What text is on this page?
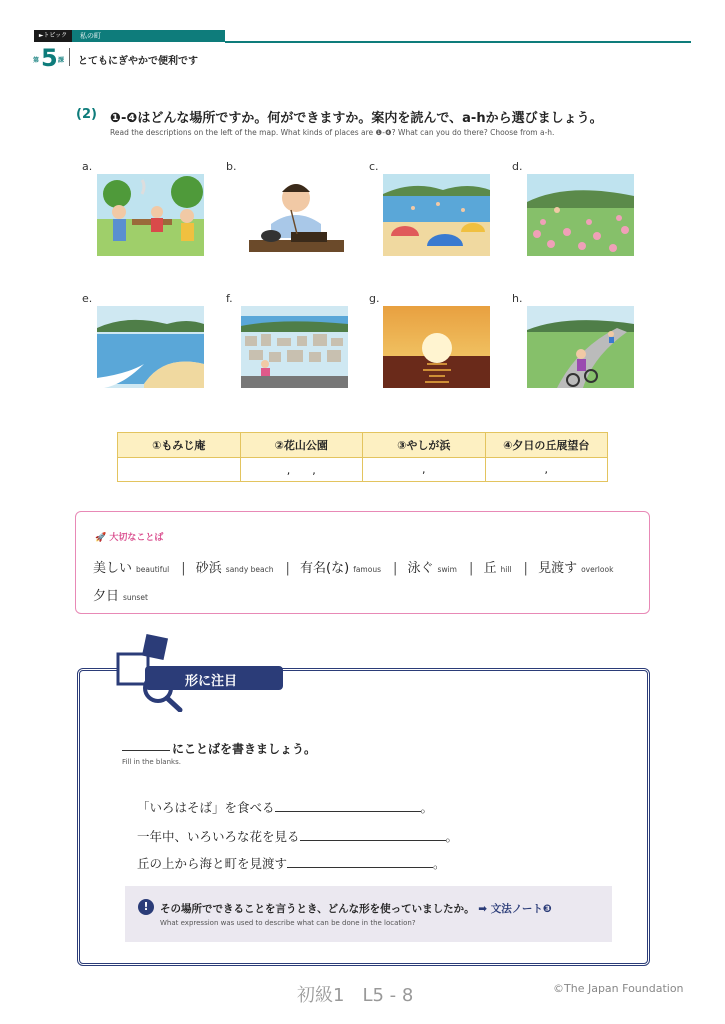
►トピック	私の町
第 5 課 とてもにぎやかで便利です
(2) ❶-❹はどんな場所ですか。何ができますか。案内を読んで、a-hから選びましょう。
Read the descriptions on the left of the map. What kinds of places are ❶-❹? What can you do there? Choose from a-h.
a.	b.	c.	d.
e.	f.	g.	h.
①もみじ庵	②花山公園	③やしが浜	④夕日の丘展望台
	,　　,	,	,
🚀 大切なことば
美しい beautiful | 砂浜 sandy beach | 有名(な) famous | 泳ぐ swim | 丘 hill | 見渡す overlook
夕日 sunset
形に注目
にことばを書きましょう。
Fill in the blanks.
「いろはそば」を食べる	。
一年中、いろいろな花を見る	。
丘の上から海と町を見渡す	。
!	その場所でできることを言うとき、どんな形を使っていましたか。 ➡ 文法ノート❸
What expression was used to describe what can be done in the location?
初級1　L5 - 8	©The Japan Foundation
